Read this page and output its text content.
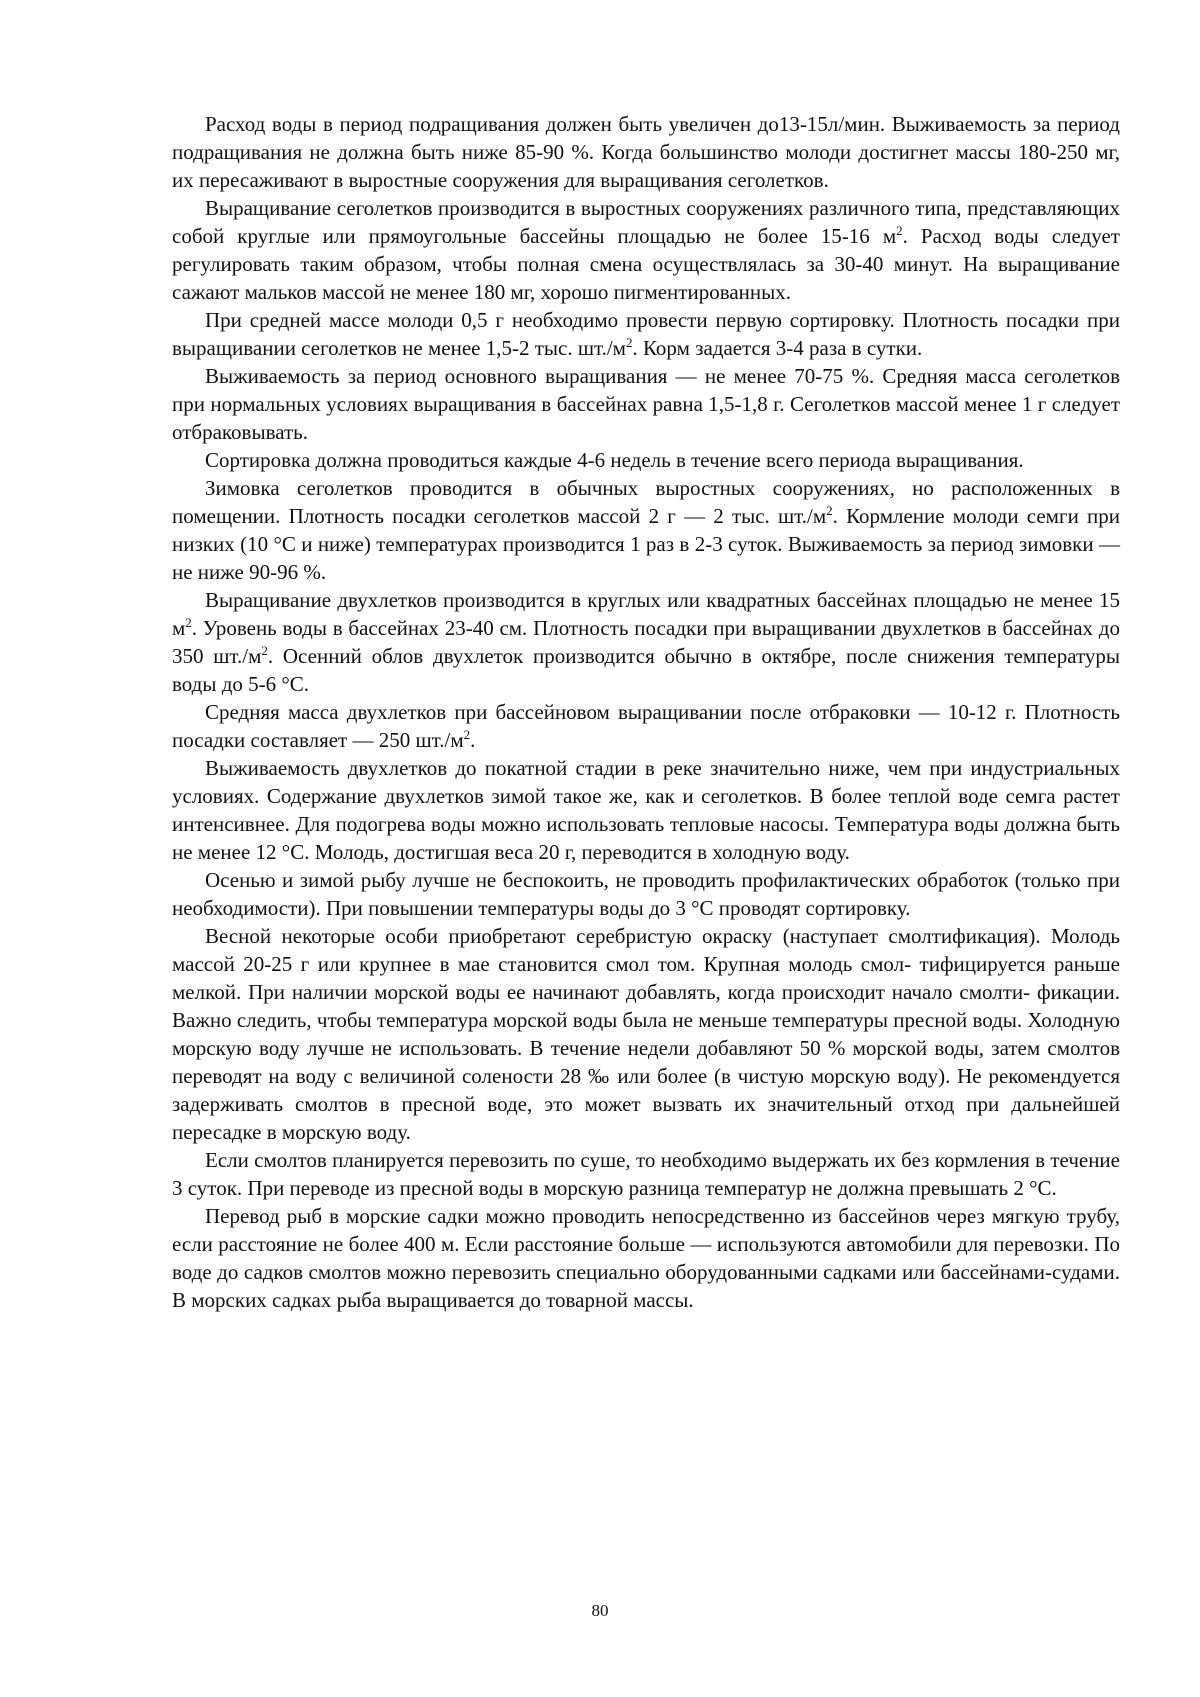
Расход воды в период подращивания должен быть увеличен до13-15л/мин. Выживаемость за период подращивания не должна быть ниже 85-90 %. Когда большинство молоди достигнет массы 180-250 мг, их пересаживают в выростные сооружения для выращивания сеголетков.

Выращивание сеголетков производится в выростных сооружениях различного типа, представляющих собой круглые или прямоугольные бассейны площадью не более 15-16 $м^2$. Расход воды следует регулировать таким образом, чтобы полная смена осуществлялась за 30-40 минут. На выращивание сажают мальков массой не менее 180 мг, хорошо пигментированных.

При средней массе молоди 0,5 г необходимо провести первую сортировку. Плотность посадки при выращивании сеголетков не менее 1,5-2 тыс. $шт./м^2$. Корм задается 3-4 раза в сутки.

Выживаемость за период основного выращивания — не менее 70-75 %. Средняя масса сеголетков при нормальных условиях выращивания в бассейнах равна 1,5-1,8 г. Сеголетков массой менее 1 г следует отбраковывать.

Сортировка должна проводиться каждые 4-6 недель в течение всего периода выращивания.

Зимовка сеголетков проводится в обычных выростных сооружениях, но расположенных в помещении. Плотность посадки сеголетков массой 2 г — 2 тыс. $шт./м^2$. Кормление молоди семги при низких (10 °С и ниже) температурах производится 1 раз в 2-3 суток. Выживаемость за период зимовки — не ниже 90-96 %.

Выращивание двухлетков производится в круглых или квадратных бассейнах площадью не менее 15 $м^2$. Уровень воды в бассейнах 23-40 см. Плотность посадки при выращивании двухлетков в бассейнах до 350 $шт./м^2$. Осенний облов двухлеток производится обычно в октябре, после снижения температуры воды до 5-6 °С.

Средняя масса двухлетков при бассейновом выращивании после отбраковки — 10-12 г. Плотность посадки составляет — 250 $шт./м^2$.

Выживаемость двухлетков до покатной стадии в реке значительно ниже, чем при индустриальных условиях. Содержание двухлетков зимой такое же, как и сеголетков. В более теплой воде семга растет интенсивнее. Для подогрева воды можно использовать тепловые насосы. Температура воды должна быть не менее 12 °С. Молодь, достигшая веса 20 г, переводится в холодную воду.

Осенью и зимой рыбу лучше не беспокоить, не проводить профилактических обработок (только при необходимости). При повышении температуры воды до 3 °С проводят сортировку.

Весной некоторые особи приобретают серебристую окраску (наступает смолтификация). Молодь массой 20-25 г или крупнее в мае становится смол том. Крупная молодь смол- тифицируется раньше мелкой. При наличии морской воды ее начинают добавлять, когда происходит начало смолти- фикации. Важно следить, чтобы температура морской воды была не меньше температуры пресной воды. Холодную морскую воду лучше не использовать. В течение недели добавляют 50 % морской воды, затем смолтов переводят на воду с величиной солености 28 ‰ или более (в чистую морскую воду). Не рекомендуется задерживать смолтов в пресной воде, это может вызвать их значительный отход при дальнейшей пересадке в морскую воду.

Если смолтов планируется перевозить по суше, то необходимо выдержать их без кормления в течение 3 суток. При переводе из пресной воды в морскую разница температур не должна превышать 2 °С.

Перевод рыб в морские садки можно проводить непосредственно из бассейнов через мягкую трубу, если расстояние не более 400 м. Если расстояние больше — используются автомобили для перевозки. По воде до садков смолтов можно перевозить специально оборудованными садками или бассейнами-судами. В морских садках рыба выращивается до товарной массы.

80
